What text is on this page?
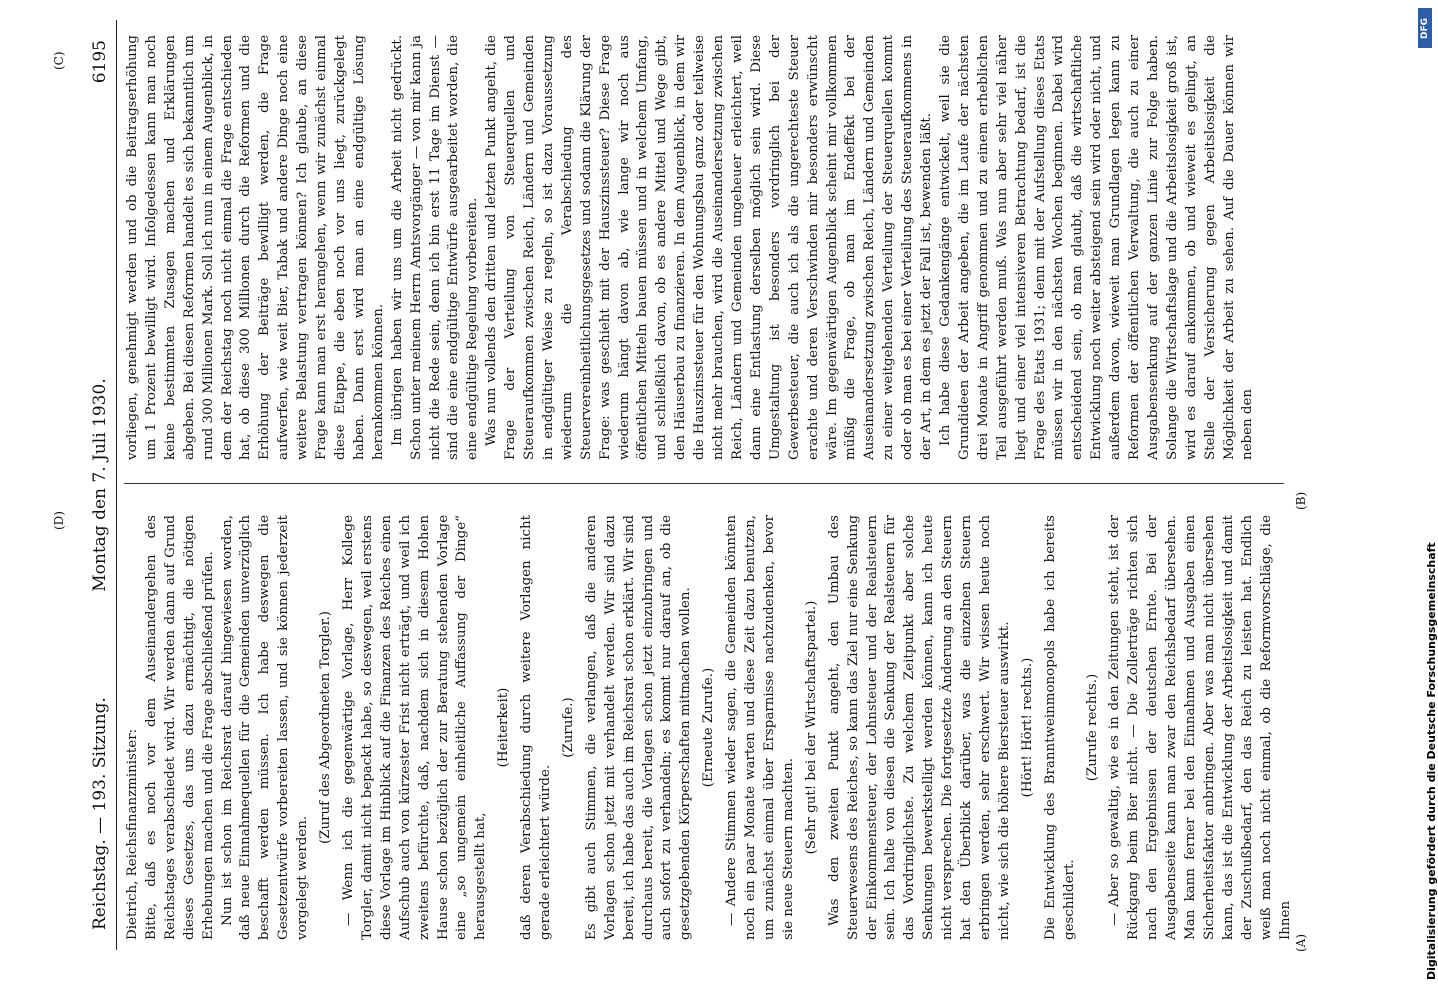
Reichstag. — 193. Sitzung.
Montag den 7. Juli 1930.
6195

Dietrich, Reichsfinanzminister: Bitte, daß es noch vor dem Auseinandergehen des Reichstages verabschiedet wird. Wir werden dann auf Grund dieses Gesetzes, das uns dazu ermächtigt, die nötigen Erhebungen machen und die Frage abschließend prüfen. Nun ist schon im Reichsrat darauf hingewiesen worden, daß neue Einnahmequellen für die Gemeinden unverzüglich beschafft werden müssen. Ich habe deswegen die Gesetzentwürfe vorbereiten lassen, und sie können jederzeit vorgelegt werden.

(Zuruf des Abgeordneten Torgler.) — Wenn ich die gegenwärtige Vorlage, Herr Kollege Torgler, damit nicht bepackt habe, so deswegen, weil erstens diese Vorlage im Hinblick auf die Finanzen des Reiches einen Aufschub auch von kürzester Frist nicht erträgt, und weil ich zweitens befürchte, daß, nachdem sich in diesem Hohen Hause schon bezüglich der zur Beratung stehenden Vorlage eine „so ungemein einheitliche Auffassung der Dinge“ herausgestellt hat,

(Heiterkeit) daß deren Verabschiedung durch weitere Vorlagen nicht gerade erleichtert würde.

(Zurufe.) Es gibt auch Stimmen, die verlangen, daß die anderen Vorlagen schon jetzt mit verhandelt werden. Wir sind dazu bereit, ich habe das auch im Reichsrat schon erklärt. Wir sind durchaus bereit, die Vorlagen schon jetzt einzubringen und auch sofort zu verhandeln; es kommt nur darauf an, ob die gesetzgebenden Körperschaften mitmachen wollen. (Erneute Zurufe.) — Andere Stimmen wieder sagen, die Gemeinden könnten noch ein paar Monate warten und diese Zeit dazu benutzen, um zunächst einmal über Ersparnisse nachzudenken, bevor sie neue Steuern machten. (Sehr gut! bei der Wirtschaftspartei.) Was den zweiten Punkt angeht, den Umbau des Steuerwesens des Reiches, so kann das Ziel nur eine Senkung der Einkommensteuer, der Lohnsteuer und der Realsteuern sein. Ich halte von diesen die Senkung der Realsteuern für das Vordringlichste. Zu welchem Zeitpunkt aber solche Senkungen bewerkstelligt werden können, kann ich heute nicht versprechen. Die fortgesetzte Änderung an den Steuern hat den Überblick darüber, was die einzelnen Steuern erbringen werden, sehr erschwert. Wir wissen heute noch nicht, wie sich die höhere Biersteuer auswirkt. (Hört! Hört! rechts.) Die Entwicklung des Branntweinmonopols habe ich bereits geschildert.

(Zurufe rechts.) — Aber so gewaltig, wie es in den Zeitungen steht, ist der Rückgang beim Bier nicht. — Die Zollerträge richten sich nach den Ergebnissen der deutschen Ernte. Bei der Ausgabenseite kann man zwar den Reichsbedarf übersehen. Man kann ferner bei den Einnahmen und Ausgaben einen Sicherheitsfaktor anbringen. Aber was man nicht übersehen kann, das ist die Entwicklung der Arbeitslosigkeit und damit der Zuschußbedarf, den das Reich zu leisten hat. Endlich weiß man noch nicht einmal, ob die Reformvorschläge, die Ihnen

vorliegen, genehmigt werden und ob die Beitragserhöhung um 1 Prozent bewilligt wird. Infolgedessen kann man noch keine bestimmten Zusagen machen und Erklärungen abgeben. Bei diesen Reformen handelt es sich bekanntlich um rund 300 Millionen Mark. Soll ich nun in einem Augenblick, in dem der Reichstag noch nicht einmal die Frage entschieden hat, ob diese 300 Millionen durch die Reformen und die Erhöhung der Beiträge bewilligt werden, die Frage aufwerfen, wie weit Bier, Tabak und andere Dinge noch eine weitere Belastung vertragen können? Ich glaube, an diese Frage kann man erst herangehen, wenn wir zunächst einmal diese Etappe, die eben noch vor uns liegt, zurückgelegt haben. Dann erst wird man an eine endgültige Lösung herankommen können. Im übrigen haben wir uns um die Arbeit nicht gedrückt. Schon unter meinem Herrn Amtsvorgänger — von mir kann ja nicht die Rede sein, denn ich bin erst 11 Tage im Dienst — sind die eine endgültige Entwürfe ausgearbeitet worden, die eine endgültige Regelung vorbereiten. Was nun vollends den dritten und letzten Punkt angeht, die Frage der Verteilung von Steuerquellen und Steueraufkommen zwischen Reich, Ländern und Gemeinden in endgültiger Weise zu regeln, so ist dazu Voraussetzung wiederum die Verabschiedung des Steuervereinheitlichungsgesetzes und sodann die Klärung der Frage: was geschieht mit der Hauszinssteuer? Diese Frage wiederum hängt davon ab, wie lange wir noch aus öffentlichen Mitteln bauen müssen und in welchem Umfang, und schließlich davon, ob es andere Mittel und Wege gibt, den Häuserbau zu finanzieren. In dem Augenblick, in dem wir die Hauszinssteuer für den Wohnungsbau ganz oder teilweise nicht mehr brauchen, wird die Auseinandersetzung zwischen Reich, Ländern und Gemeinden ungeheuer erleichtert, weil dann eine Entlastung derselben möglich sein wird. Diese Umgestaltung ist besonders vordringlich bei der Gewerbesteuer, die auch ich als die ungerechteste Steuer erachte und deren Verschwinden mir besonders erwünscht wäre. Im gegenwärtigen Augenblick scheint mir vollkommen müßig die Frage, ob man im Endeffekt bei der Auseinandersetzung zwischen Reich, Ländern und Gemeinden zu einer weitgehenden Verteilung der Steuerquellen kommt oder ob man es bei einer Verteilung des Steueraufkommens in der Art, in dem es jetzt der Fall ist, bewenden läßt. Ich habe diese Gedankengänge entwickelt, weil sie die Grundideen der Arbeit angeben, die im Laufe der nächsten drei Monate in Angriff genommen und zu einem erheblichen Teil ausgeführt werden muß. Was nun aber sehr viel näher liegt und einer viel intensiveren Betrachtung bedarf, ist die Frage des Etats 1931; denn mit der Aufstellung dieses Etats müssen wir in den nächsten Wochen beginnen. Dabei wird entscheidend sein, ob man glaubt, daß die wirtschaftliche Entwicklung noch weiter absteigend sein wird oder nicht, und außerdem davon, wieweit man Grundlagen legen kann zu Reformen der öffentlichen Verwaltung, die auch zu einer Ausgabensenkung auf der ganzen Linie zur Folge haben. Solange die Wirtschaftslage und die Arbeitslosigkeit groß ist, wird es darauf ankommen, ob und wieweit es gelingt, an Stelle der Versicherung gegen Arbeitslosigkeit die Möglichkeit der Arbeit zu sehen. Auf die Dauer können wir neben den

(A)
(B)
(C)
(D)
DFG
Digitalisierung gefördert durch die Deutsche Forschungsgemeinschaft
